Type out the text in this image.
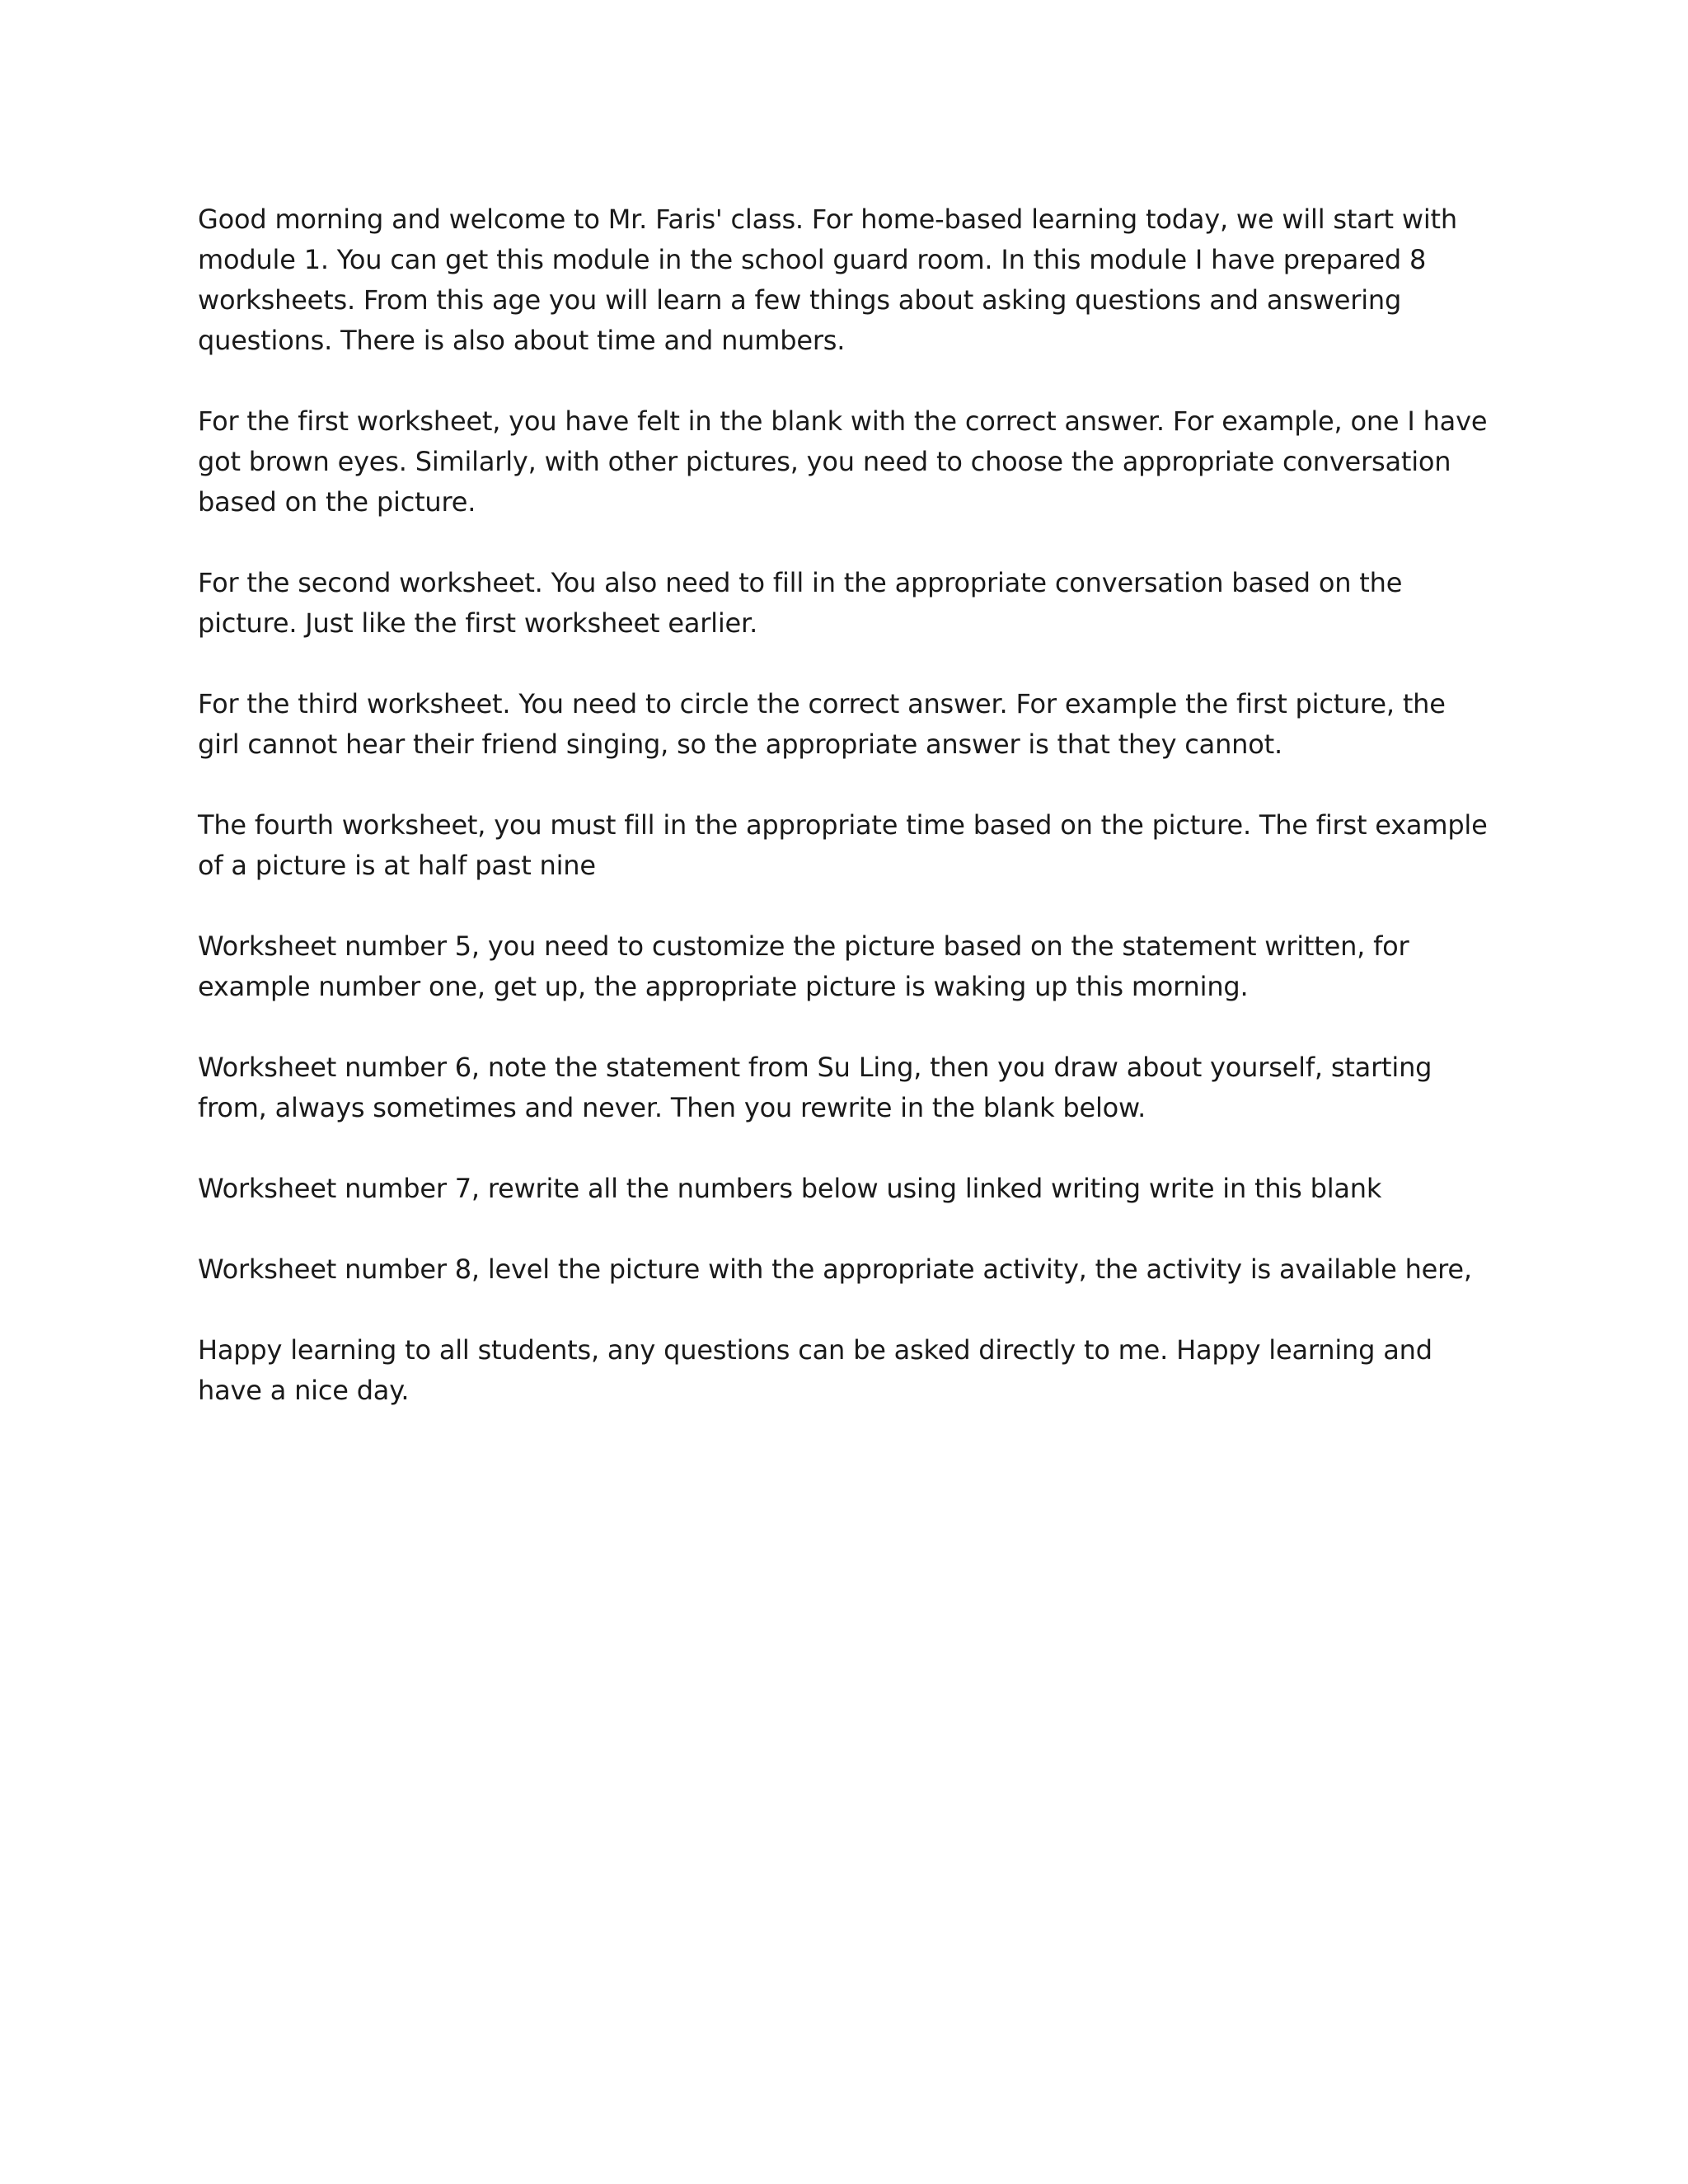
Good morning and welcome to Mr. Faris' class. For home-based learning today, we will start with module 1. You can get this module in the school guard room. In this module I have prepared 8 worksheets. From this age you will learn a few things about asking questions and answering questions. There is also about time and numbers.

For the first worksheet, you have felt in the blank with the correct answer. For example, one I have got brown eyes. Similarly, with other pictures, you need to choose the appropriate conversation based on the picture.

For the second worksheet. You also need to fill in the appropriate conversation based on the picture. Just like the first worksheet earlier.

For the third worksheet. You need to circle the correct answer. For example the first picture, the girl cannot hear their friend singing, so the appropriate answer is that they cannot.

The fourth worksheet, you must fill in the appropriate time based on the picture. The first example of a picture is at half past nine

Worksheet number 5, you need to customize the picture based on the statement written, for example number one, get up, the appropriate picture is waking up this morning.

Worksheet number 6, note the statement from Su Ling, then you draw about yourself, starting from, always sometimes and never. Then you rewrite in the blank below.

Worksheet number 7, rewrite all the numbers below using linked writing write in this blank

Worksheet number 8, level the picture with the appropriate activity, the activity is available here,

Happy learning to all students, any questions can be asked directly to me. Happy learning and have a nice day.
